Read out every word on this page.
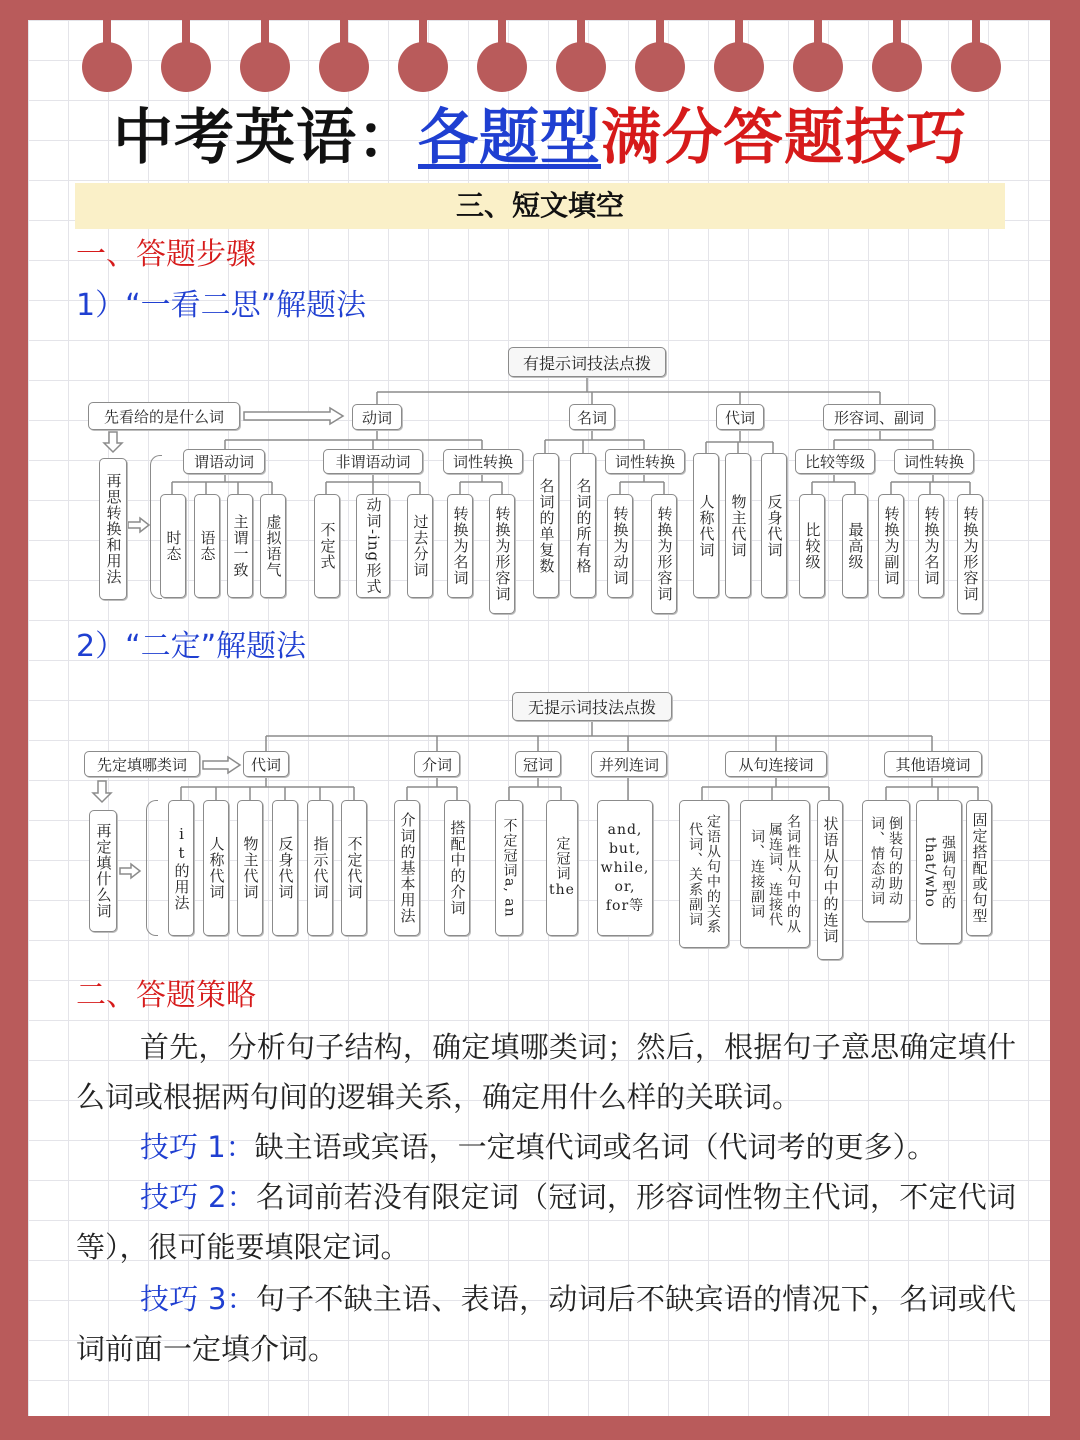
中考英语：各题型满分答题技巧
三、短文填空
一、答题步骤
1）“一看二思”解题法
有提示词技法点拨
先看给的是什么词
再思转换和用法
动词	名词	代词	形容词、副词
谓语动词	非谓语动词	词性转换
时态	语态	主谓一致	虚拟语气	不定式	动词-ing形式	过去分词	转换为名词	转换为形容词	名词的单复数	名词的所有格
词性转换
转换为动词	转换为形容词	人称代词 物主代词	反身代词
比较等级	词性转换
比较级	最高级	转换为副词	转换为名词	转换为形容词
2）“二定”解题法
无提示词技法点拨
先定填哪类词
再定填什么词
代词	介词	冠词	并列连词	从句连接词	其他语境词
it的用法	人称代词	物主代词	反身代词	指示代词	不定代词	介词的基本用法	搭配中的介词	不定冠词
a, an
定冠词
the
and,
but,
while,
or,
for等	定语从句中的关系代词、关系副词	名词性从句中的从属连词、连接代词、连接副词	状语从句中的连词	倒装句的助动词、情态动词	强调句型的that/who	固定搭配或句型
二、答题策略
首先，分析句子结构，确定填哪类词；然后，根据句子意思确定填什么词或根据两句间的逻辑关系，确定用什么样的关联词。
技巧 1：缺主语或宾语，一定填代词或名词（代词考的更多）。
技巧 2：名词前若没有限定词（冠词，形容词性物主代词，不定代词等），很可能要填限定词。
技巧 3：句子不缺主语、表语，动词后不缺宾语的情况下，名词或代词前面一定填介词。
